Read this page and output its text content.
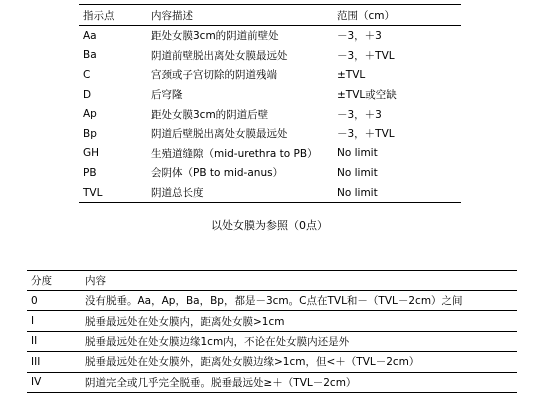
指示点	内容描述	范围（cm）
Aa	距处女膜3cm的阴道前壁处	－3，＋3
Ba	阴道前壁脱出离处女膜最远处	－3，＋TVL
C	宫颈或子宫切除的阴道残端	±TVL
D	后穹隆	±TVL或空缺
Ap	距处女膜3cm的阴道后壁	－3，＋3
Bp	阴道后壁脱出离处女膜最远处	－3，＋TVL
GH	生殖道缝隙（mid-urethra to PB）	No limit
PB	会阴体（PB to mid-anus）	No limit
TVL	阴道总长度	No limit
以处女膜为参照（0点）
分度	内容
0	没有脱垂。Aa，Ap，Ba，Bp，都是－3cm。C点在TVL和－（TVL－2cm）之间
I	脱垂最远处在处女膜内，距离处女膜>1cm
II	脱垂最远处在处女膜边缘1cm内，不论在处女膜内还是外
III	脱垂最远处在处女膜外，距离处女膜边缘>1cm，但<＋（TVL－2cm）
IV	阴道完全或几乎完全脱垂。脱垂最远处≥＋（TVL－2cm）
